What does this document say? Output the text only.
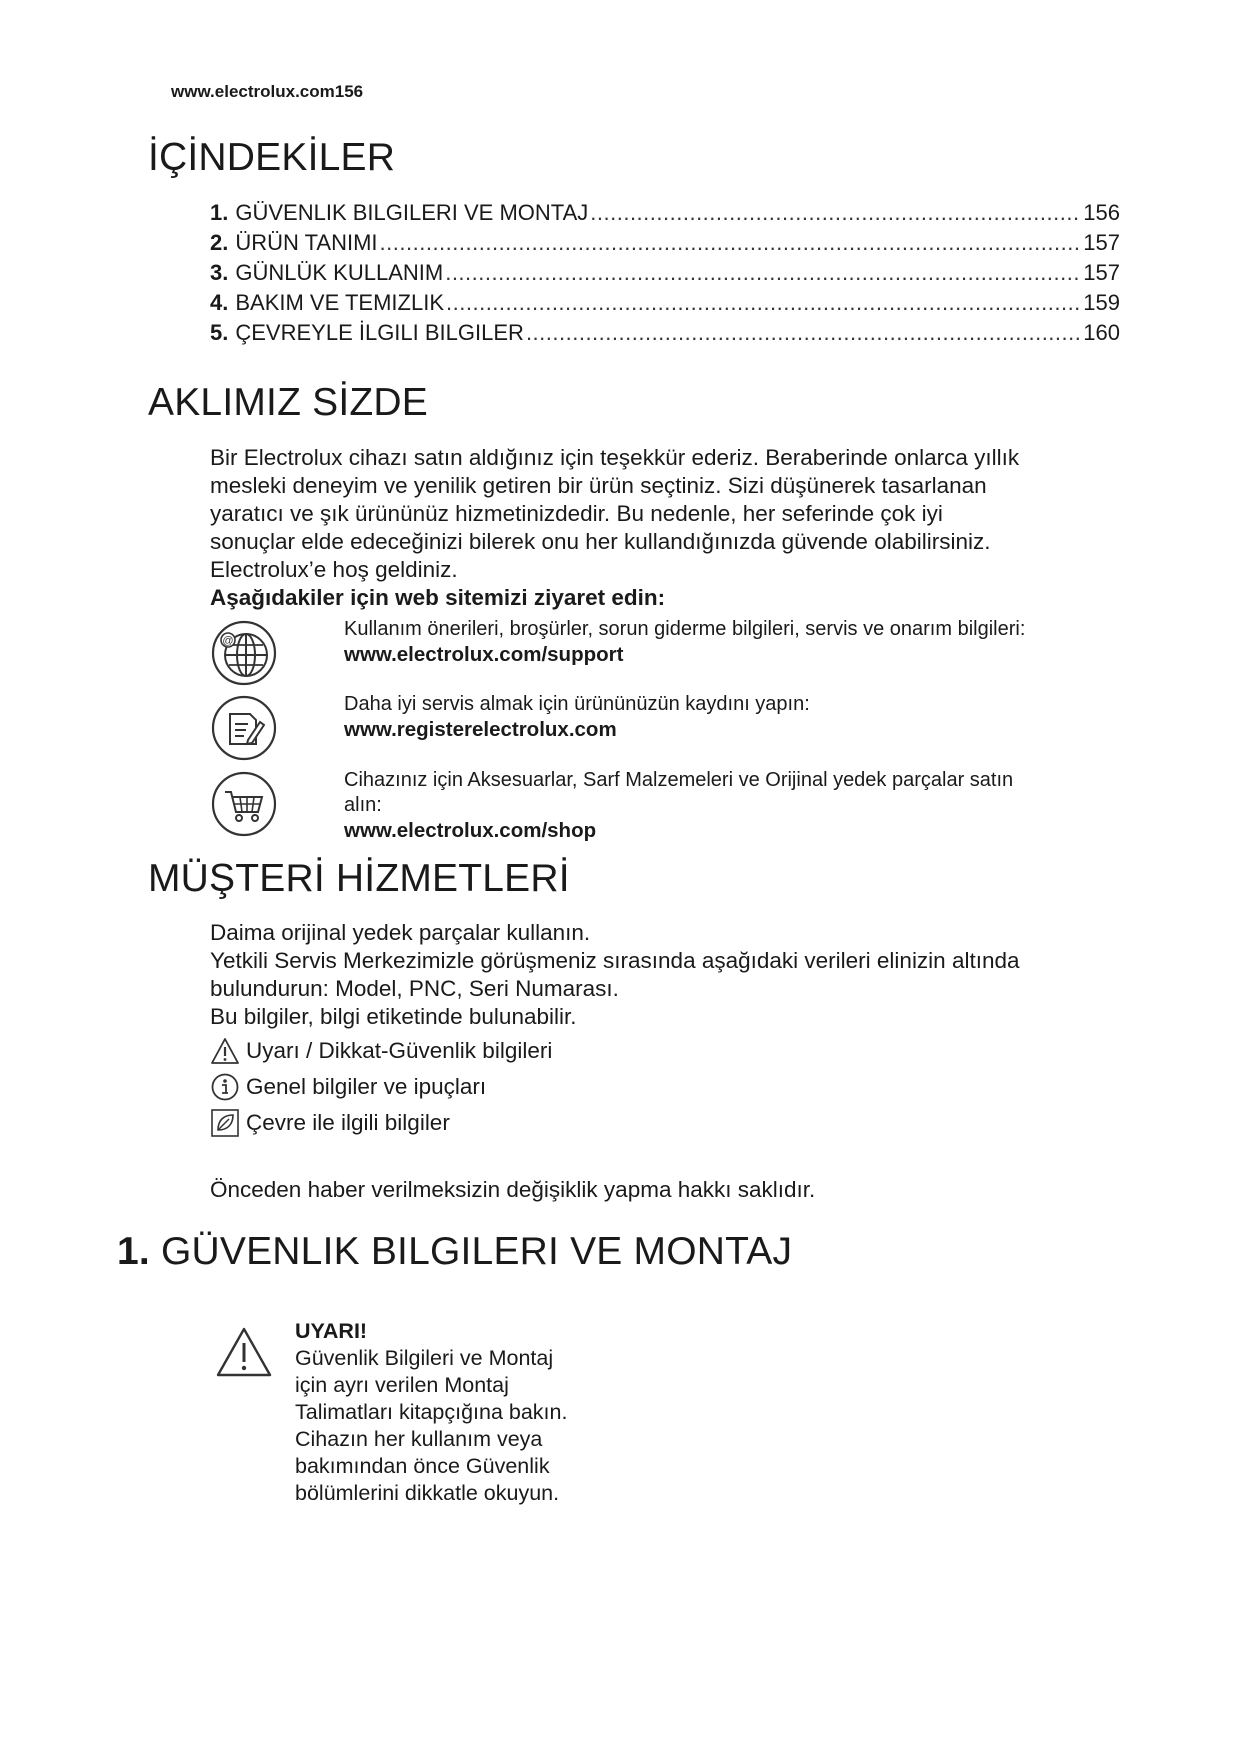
www.electrolux.com156
İÇİNDEKİLER
1. GÜVENLIK BILGILERI VE MONTAJ .....	156
2. ÜRÜN TANIMI .....	157
3. GÜNLÜK KULLANIM .....	157
4. BAKIM VE TEMIZLIK .....	159
5. ÇEVREYLE İLGILI BILGILER .....	160
AKLIMIZ SİZDE
Bir Electrolux cihazı satın aldığınız için teşekkür ederiz. Beraberinde onlarca yıllık
mesleki deneyim ve yenilik getiren bir ürün seçtiniz. Sizi düşünerek tasarlanan
yaratıcı ve şık ürününüz hizmetinizdedir. Bu nedenle, her seferinde çok iyi
sonuçlar elde edeceğinizi bilerek onu her kullandığınızda güvende olabilirsiniz.
Electrolux’e hoş geldiniz.
Aşağıdakiler için web sitemizi ziyaret edin:
@
Kullanım önerileri, broşürler, sorun giderme bilgileri, servis ve onarım bilgileri:
www.electrolux.com/support
Daha iyi servis almak için ürününüzün kaydını yapın:
www.registerelectrolux.com
Cihazınız için Aksesuarlar, Sarf Malzemeleri ve Orijinal yedek parçalar satın
alın:
www.electrolux.com/shop
MÜŞTERİ HİZMETLERİ
Daima orijinal yedek parçalar kullanın.
Yetkili Servis Merkezimizle görüşmeniz sırasında aşağıdaki verileri elinizin altında
bulundurun: Model, PNC, Seri Numarası.
Bu bilgiler, bilgi etiketinde bulunabilir.
Uyarı / Dikkat-Güvenlik bilgileri
Genel bilgiler ve ipuçları
Çevre ile ilgili bilgiler
Önceden haber verilmeksizin değişiklik yapma hakkı saklıdır.
1. GÜVENLIK BILGILERI VE MONTAJ
UYARI!
Güvenlik Bilgileri ve Montaj
için ayrı verilen Montaj
Talimatları kitapçığına bakın.
Cihazın her kullanım veya
bakımından önce Güvenlik
bölümlerini dikkatle okuyun.
